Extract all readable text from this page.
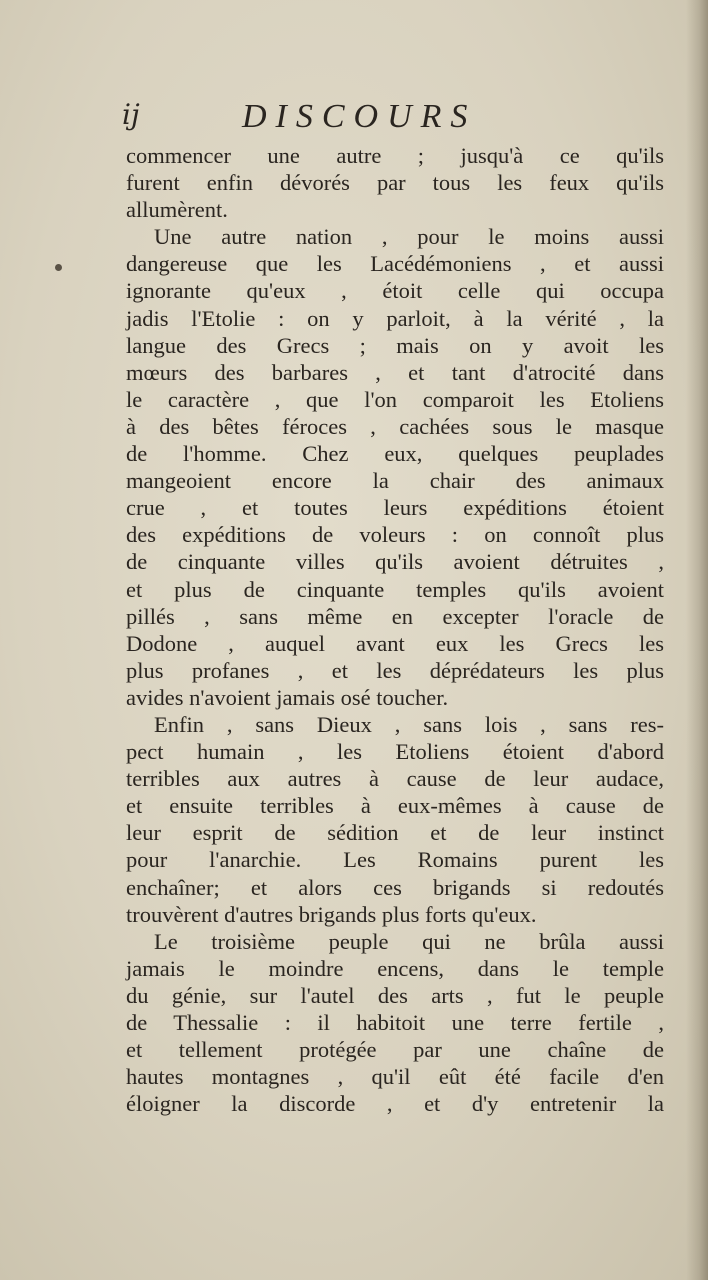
ij	DISCOURS
commencer une autre ; jusqu'à ce qu'ils
furent enfin dévorés par tous les feux qu'ils
allumèrent.
Une autre nation , pour le moins aussi
dangereuse que les Lacédémoniens , et aussi
ignorante qu'eux , étoit celle qui occupa
jadis l'Etolie : on y parloit, à la vérité , la
langue des Grecs ; mais on y avoit les
mœurs des barbares , et tant d'atrocité dans
le caractère , que l'on comparoit les Etoliens
à des bêtes féroces , cachées sous le masque
de l'homme. Chez eux, quelques peuplades
mangeoient encore la chair des animaux
crue , et toutes leurs expéditions étoient
des expéditions de voleurs : on connoît plus
de cinquante villes qu'ils avoient détruites ,
et plus de cinquante temples qu'ils avoient
pillés , sans même en excepter l'oracle de
Dodone , auquel avant eux les Grecs les
plus profanes , et les déprédateurs les plus
avides n'avoient jamais osé toucher.
Enfin , sans Dieux , sans lois , sans res-
pect humain , les Etoliens étoient d'abord
terribles aux autres à cause de leur audace,
et ensuite terribles à eux-mêmes à cause de
leur esprit de sédition et de leur instinct
pour l'anarchie. Les Romains purent les
enchaîner; et alors ces brigands si redoutés
trouvèrent d'autres brigands plus forts qu'eux.
Le troisième peuple qui ne brûla aussi
jamais le moindre encens, dans le temple
du génie, sur l'autel des arts , fut le peuple
de Thessalie : il habitoit une terre fertile ,
et tellement protégée par une chaîne de
hautes montagnes , qu'il eût été facile d'en
éloigner la discorde , et d'y entretenir la
